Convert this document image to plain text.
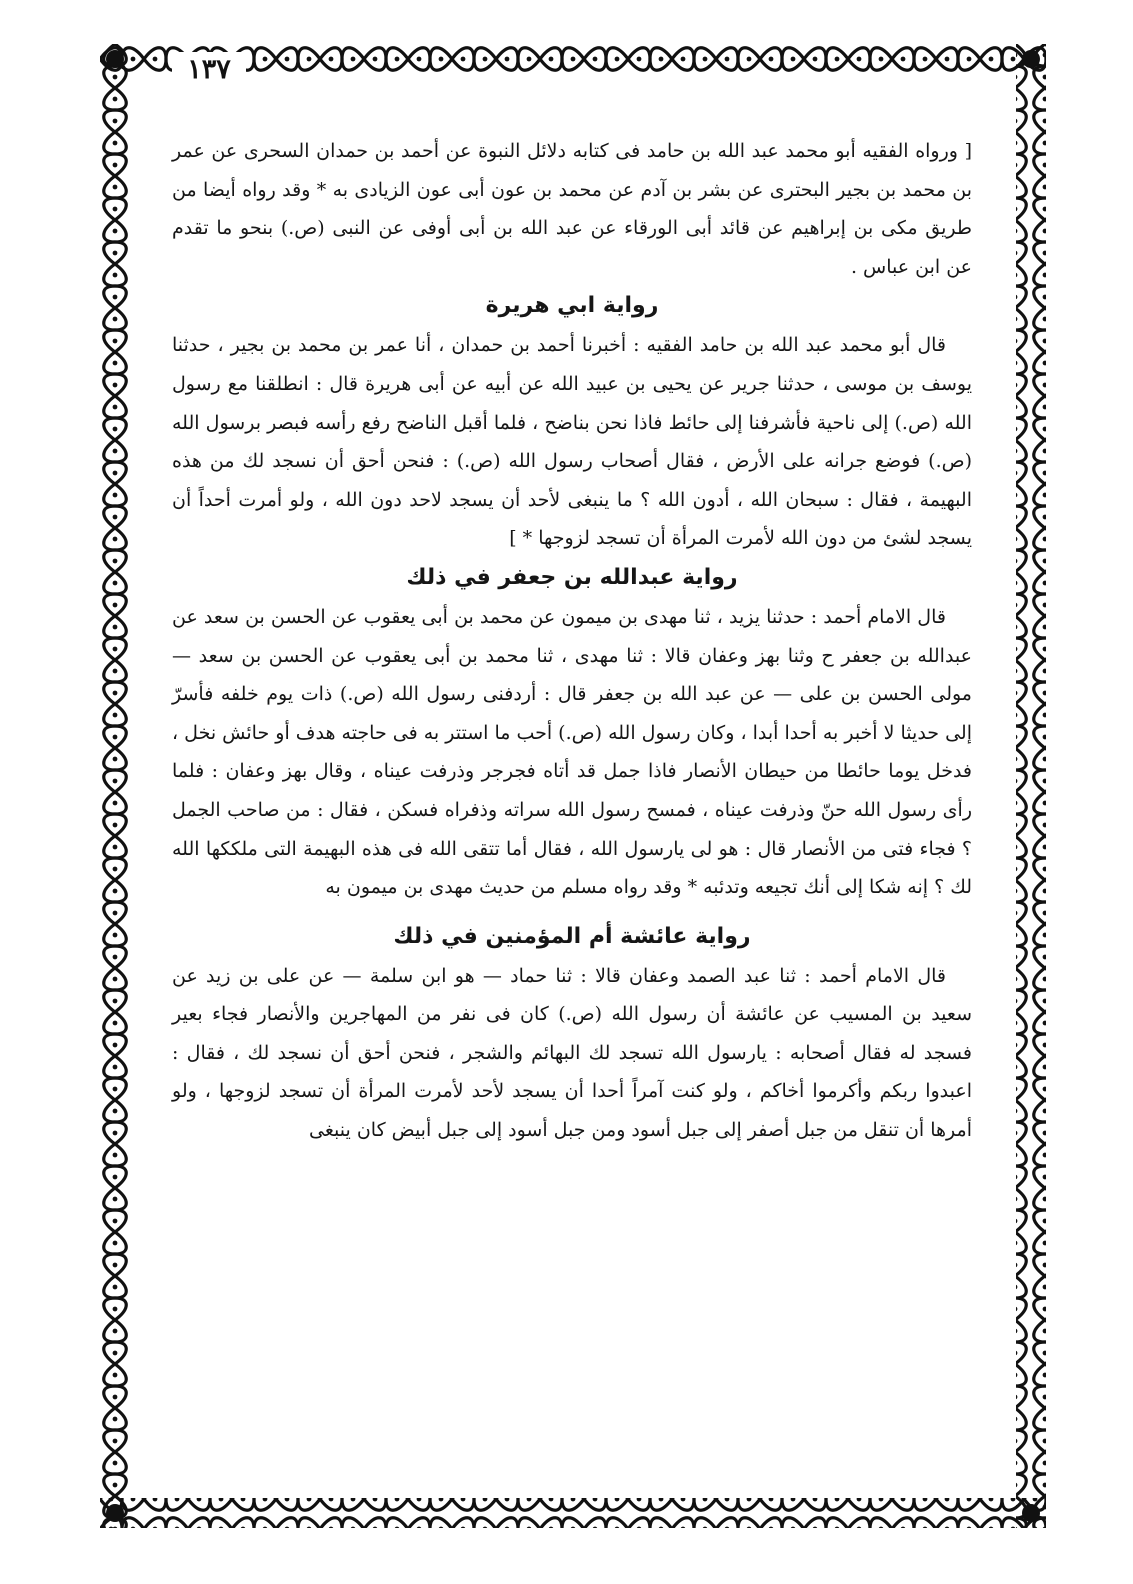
١٣٧

[ ورواه الفقيه أبو محمد عبد الله بن حامد فى كتابه دلائل النبوة عن أحمد بن حمدان السحرى عن عمر بن محمد بن بجير البحترى عن بشر بن آدم عن محمد بن عون أبى عون الزيادى به * وقد رواه أيضا من طريق مكى بن إبراهيم عن قائد أبى الورقاء عن عبد الله بن أبى أوفى عن النبى (ص.) بنحو ما تقدم عن ابن عباس .

رواية ابي هريرة

قال أبو محمد عبد الله بن حامد الفقيه : أخبرنا أحمد بن حمدان ، أنا عمر بن محمد بن بجير ، حدثنا يوسف بن موسى ، حدثنا جرير عن يحيى بن عبيد الله عن أبيه عن أبى هريرة قال : انطلقنا مع رسول الله (ص.) إلى ناحية فأشرفنا إلى حائط فاذا نحن بناضح ، فلما أقبل الناضح رفع رأسه فبصر برسول الله (ص.) فوضع جرانه على الأرض ، فقال أصحاب رسول الله (ص.) : فنحن أحق أن نسجد لك من هذه البهيمة ، فقال : سبحان الله ، أدون الله ؟ ما ينبغى لأحد أن يسجد لاحد دون الله ، ولو أمرت أحداً أن يسجد لشئ من دون الله لأمرت المرأة أن تسجد لزوجها * ]

رواية عبدالله بن جعفر في ذلك

قال الامام أحمد : حدثنا يزيد ، ثنا مهدى بن ميمون عن محمد بن أبى يعقوب عن الحسن بن سعد عن عبدالله بن جعفر ح وثنا بهز وعفان قالا : ثنا مهدى ، ثنا محمد بن أبى يعقوب عن الحسن بن سعد — مولى الحسن بن على — عن عبد الله بن جعفر قال : أردفنى رسول الله (ص.) ذات يوم خلفه فأسرّ إلى حديثا لا أخبر به أحدا أبدا ، وكان رسول الله (ص.) أحب ما استتر به فى حاجته هدف أو حائش نخل ، فدخل يوما حائطا من حيطان الأنصار فاذا جمل قد أتاه فجرجر وذرفت عيناه ، وقال بهز وعفان : فلما رأى رسول الله حنّ وذرفت عيناه ، فمسح رسول الله سراته وذفراه فسكن ، فقال : من صاحب الجمل ؟ فجاء فتى من الأنصار قال : هو لى يارسول الله ، فقال أما تتقى الله فى هذه البهيمة التى ملككها الله لك ؟ إنه شكا إلى أنك تجيعه وتدئبه * وقد رواه مسلم من حديث مهدى بن ميمون به

رواية عائشة أم المؤمنين في ذلك

قال الامام أحمد : ثنا عبد الصمد وعفان قالا : ثنا حماد — هو ابن سلمة — عن على بن زيد عن سعيد بن المسيب عن عائشة أن رسول الله (ص.) كان فى نفر من المهاجرين والأنصار فجاء بعير فسجد له فقال أصحابه : يارسول الله تسجد لك البهائم والشجر ، فنحن أحق أن نسجد لك ، فقال : اعبدوا ربكم وأكرموا أخاكم ، ولو كنت آمراً أحدا أن يسجد لأحد لأمرت المرأة أن تسجد لزوجها ، ولو أمرها أن تنقل من جبل أصفر إلى جبل أسود ومن جبل أسود إلى جبل أبيض كان ينبغى
